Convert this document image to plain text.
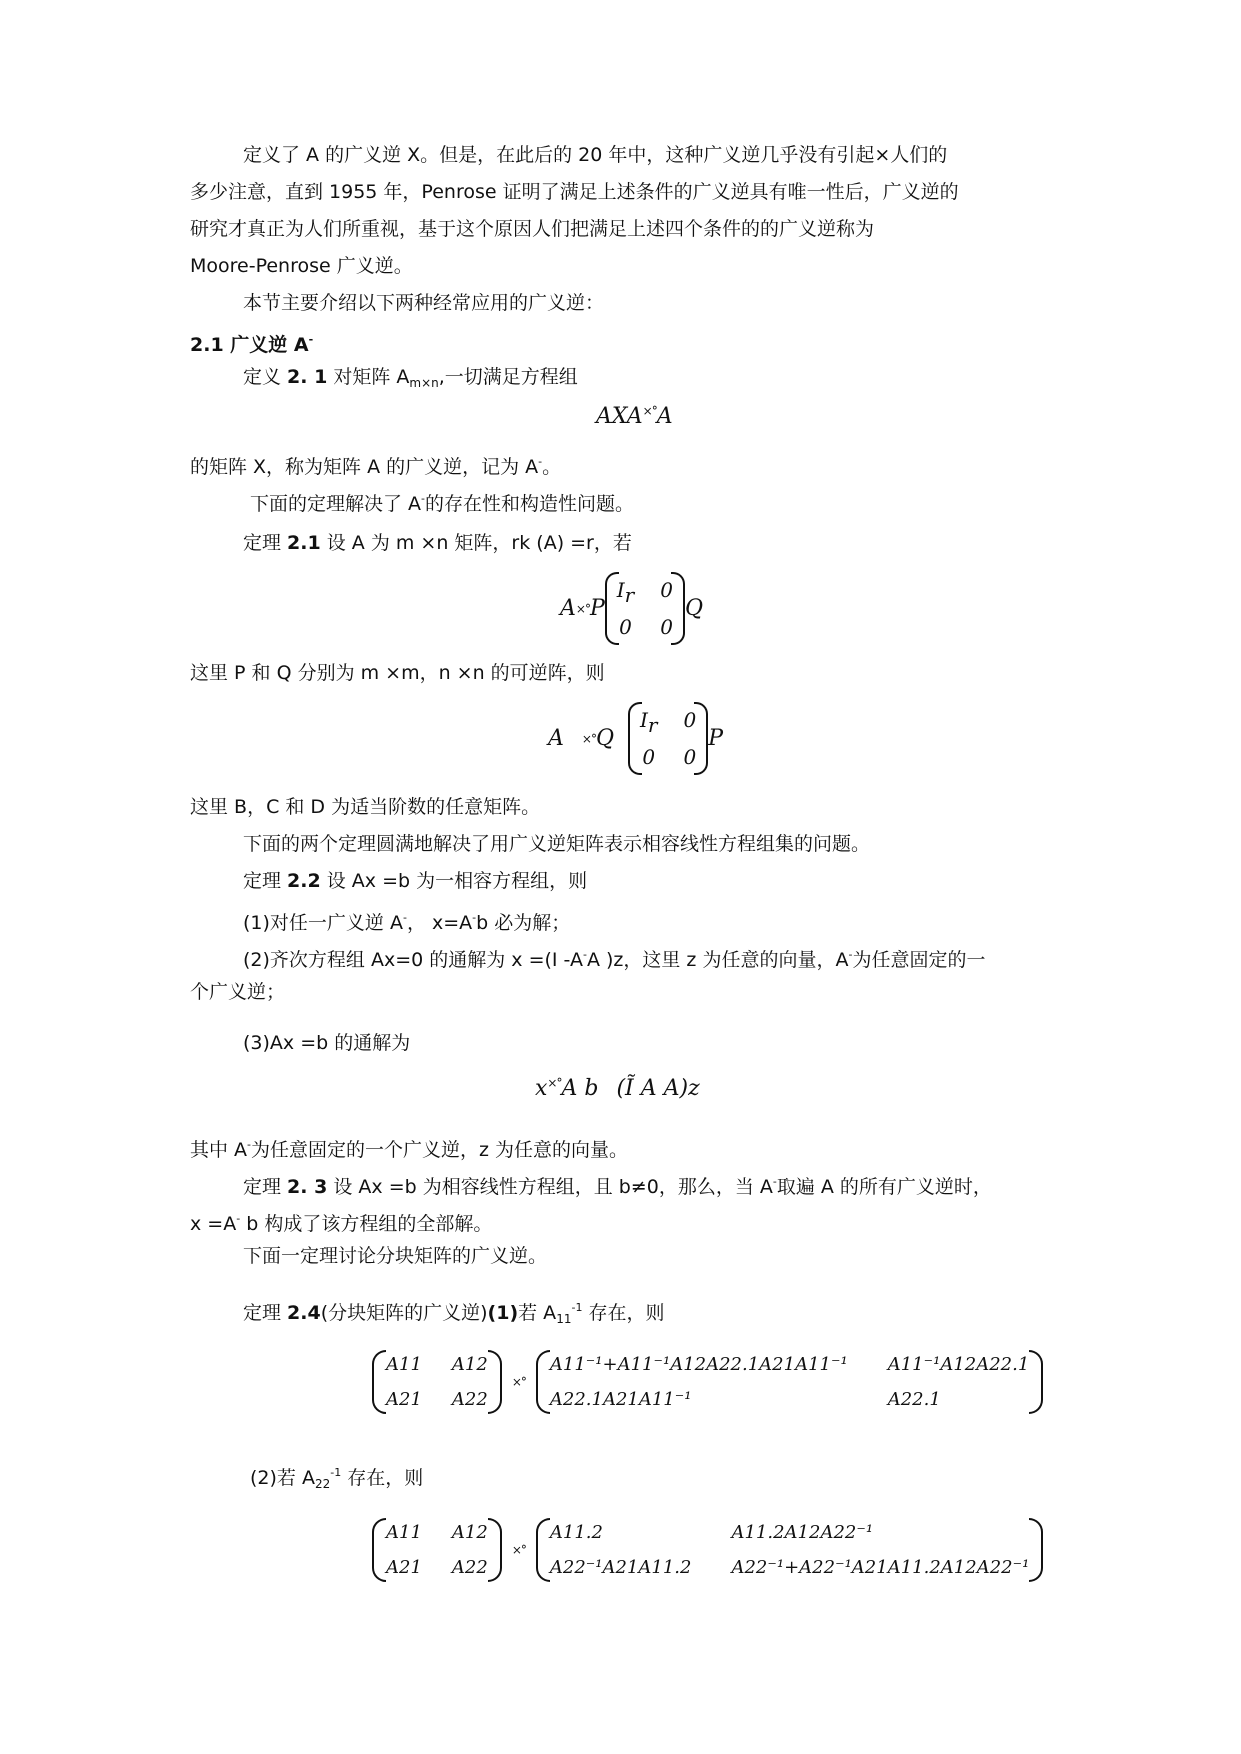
定义了 A 的广义逆 X。但是，在此后的 20 年中，这种广义逆几乎没有引起×人们的
多少注意，直到 1955 年，Penrose 证明了满足上述条件的广义逆具有唯一性后，广义逆的
研究才真正为人们所重视，基于这个原因人们把满足上述四个条件的的广义逆称为
Moore-Penrose 广义逆。
本节主要介绍以下两种经常应用的广义逆：
2.1 广义逆 A-
定义 2. 1 对矩阵 $A_{m\times n}$,一切满足方程组
AXA×°A
的矩阵 X，称为矩阵 A 的广义逆，记为 A-。
下面的定理解决了 A-的存在性和构造性问题。
定理 2.1 设 A 为 m ×n 矩阵，rk (A) =r，若
A ×° P
Ir 0
0 0
Q
这里 P 和 Q 分别为 m ×m，n ×n 的可逆阵，则
A ×° Q
Ir 0
0 0
P
这里 B，C 和 D 为适当阶数的任意矩阵。
下面的两个定理圆满地解决了用广义逆矩阵表示相容线性方程组集的问题。
定理 2.2 设 Ax =b 为一相容方程组，则
(1)对任一广义逆 A-， x=A-b 必为解；
(2)齐次方程组 Ax=0 的通解为 x =(I -A-A )z，这里 z 为任意的向量，A-为任意固定的一
个广义逆；
(3)Ax =b 的通解为
x×°A b (Ĩ A A)z
其中 A-为任意固定的一个广义逆，z 为任意的向量。
定理 2. 3 设 Ax =b 为相容线性方程组，且 b≠0，那么，当 A-取遍 A 的所有广义逆时，
x =A- b 构成了该方程组的全部解。
下面一定理讨论分块矩阵的广义逆。
定理 2.4(分块矩阵的广义逆)(1)若 $A_{11}^{-1}$ 存在，则
A11 A12
A21 A22
×°
A11⁻¹+A11⁻¹A12A22.1A21A11⁻¹ A11⁻¹A12A22.1
A22.1A21A11⁻¹	A22.1
(2)若 $A_{22}^{-1}$ 存在，则
A11 A12
A21 A22
×°
A11.2	A11.2A12A22⁻¹
A22⁻¹A21A11.2 A22⁻¹+A22⁻¹A21A11.2A12A22⁻¹
